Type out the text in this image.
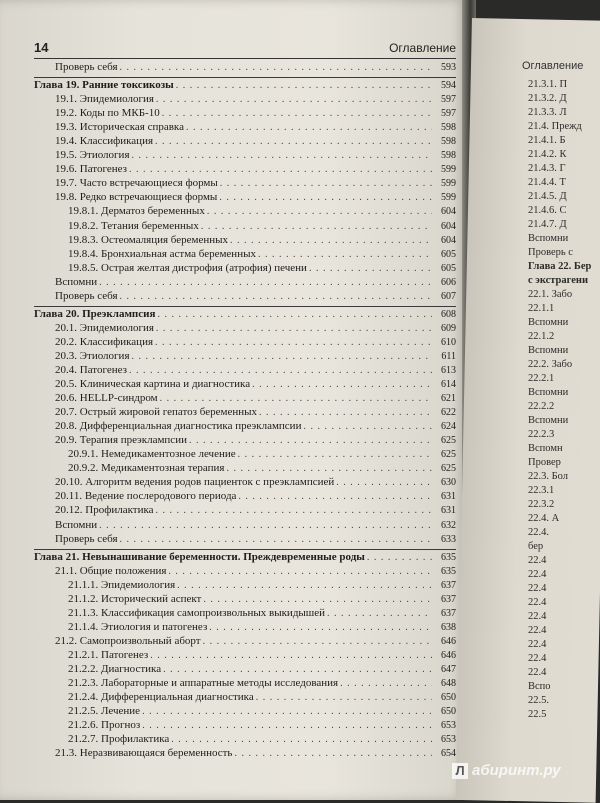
14	Оглавление
Проверь себя . . .	593
Глава 19. Ранние токсикозы . . .	594
19.1. Эпидемиология . . .	597
19.2. Коды по МКБ-10 . . .	597
19.3. Историческая справка . . .	598
19.4. Классификация . . .	598
19.5. Этиология . . .	598
19.6. Патогенез . . .	599
19.7. Часто встречающиеся формы . . .	599
19.8. Редко встречающиеся формы . . .	599
19.8.1. Дерматоз беременных . . .	604
19.8.2. Тетания беременных . . .	604
19.8.3. Остеомаляция беременных . . .	604
19.8.4. Бронхиальная астма беременных . . .	605
19.8.5. Острая желтая дистрофия (атрофия) печени . . .	605
Вспомни . . .	606
Проверь себя . . .	607
Глава 20. Преэклампсия . . .	608
20.1. Эпидемиология . . .	609
20.2. Классификация . . .	610
20.3. Этиология . . .	611
20.4. Патогенез . . .	613
20.5. Клиническая картина и диагностика . . .	614
20.6. HELLP-синдром . . .	621
20.7. Острый жировой гепатоз беременных . . .	622
20.8. Дифференциальная диагностика преэклампсии . . .	624
20.9. Терапия преэклампсии . . .	625
20.9.1. Немедикаментозное лечение . . .	625
20.9.2. Медикаментозная терапия . . .	625
20.10. Алгоритм ведения родов пациенток с преэклампсией . . .	630
20.11. Ведение послеродового периода . . .	631
20.12. Профилактика . . .	631
Вспомни . . .	632
Проверь себя . . .	633
Глава 21. Невынашивание беременности. Преждевременные роды . . .	635
21.1. Общие положения . . .	635
21.1.1. Эпидемиология . . .	637
21.1.2. Исторический аспект . . .	637
21.1.3. Классификация самопроизвольных выкидышей . . .	637
21.1.4. Этиология и патогенез . . .	638
21.2. Самопроизвольный аборт . . .	646
21.2.1. Патогенез . . .	646
21.2.2. Диагностика . . .	647
21.2.3. Лабораторные и аппаратные методы исследования . . .	648
21.2.4. Дифференциальная диагностика . . .	650
21.2.5. Лечение . . .	650
21.2.6. Прогноз . . .	653
21.2.7. Профилактика . . .	653
21.3. Неразвивающаяся беременность . . .	654
Оглавление
21.3.1. П
21.3.2. Д
21.3.3. Л
21.4. Прежд
21.4.1. Б
21.4.2. К
21.4.3. Г
21.4.4. Т
21.4.5. Д
21.4.6. С
21.4.7. Д
Вспомни
Проверь с
Глава 22. Бер
с экстрагени
22.1. Забо
22.1.1
Вспомни
22.1.2
Вспомни
22.2. Забо
22.2.1
Вспомни
22.2.2
Вспомни
22.2.3
Вспомн
Провер
22.3. Бол
22.3.1
22.3.2
22.4. А
22.4.
бер
22.4
22.4
22.4
22.4
22.4
22.4
22.4
22.4
22.4
Вспо
22.5.
22.5
Л абиринт.ру
